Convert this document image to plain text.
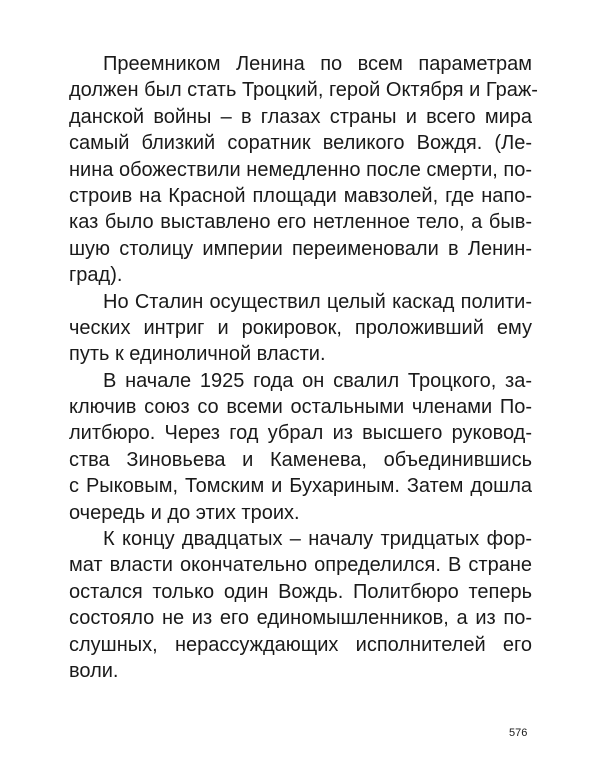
Преемником Ленина по всем параметрам
должен был стать Троцкий, герой Октября и Граж-
данской войны – в глазах страны и всего мира
самый близкий соратник великого Вождя. (Ле-
нина обожествили немедленно после смерти, по-
строив на Красной площади мавзолей, где напо-
каз было выставлено его нетленное тело, а быв-
шую столицу империи переименовали в Ленин-
град).
Но Сталин осуществил целый каскад полити-
ческих интриг и рокировок, проложивший ему
путь к единоличной власти.
В начале 1925 года он свалил Троцкого, за-
ключив союз со всеми остальными членами По-
литбюро. Через год убрал из высшего руковод-
ства Зиновьева и Каменева, объединившись
с Рыковым, Томским и Бухариным. Затем дошла
очередь и до этих троих.
К концу двадцатых – началу тридцатых фор-
мат власти окончательно определился. В стране
остался только один Вождь. Политбюро теперь
состояло не из его единомышленников, а из по-
слушных, нерассуждающих исполнителей его
воли.
576
